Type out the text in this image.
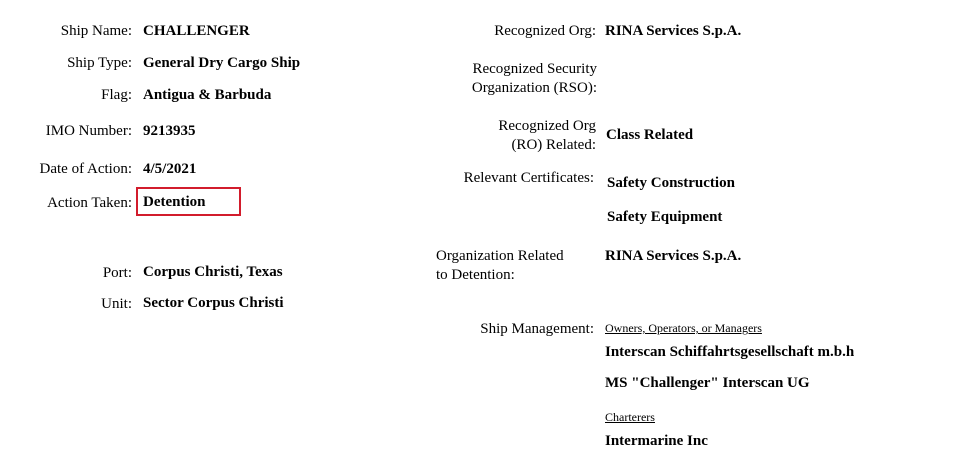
Ship Name: CHALLENGER
Ship Type: General Dry Cargo Ship
Flag: Antigua & Barbuda
IMO Number: 9213935
Date of Action: 4/5/2021
Action Taken: Detention
Port: Corpus Christi, Texas
Unit: Sector Corpus Christi
Recognized Org: RINA Services S.p.A.
Recognized Security
Organization (RSO):
Recognized Org
(RO) Related:
Class Related
Relevant Certificates: Safety Construction
Safety Equipment
Organization Related
to Detention:
RINA Services S.p.A.
Ship Management: Owners, Operators, or Managers
Interscan Schiffahrtsgesellschaft m.b.h
MS "Challenger" Interscan UG
Charterers
Intermarine Inc
